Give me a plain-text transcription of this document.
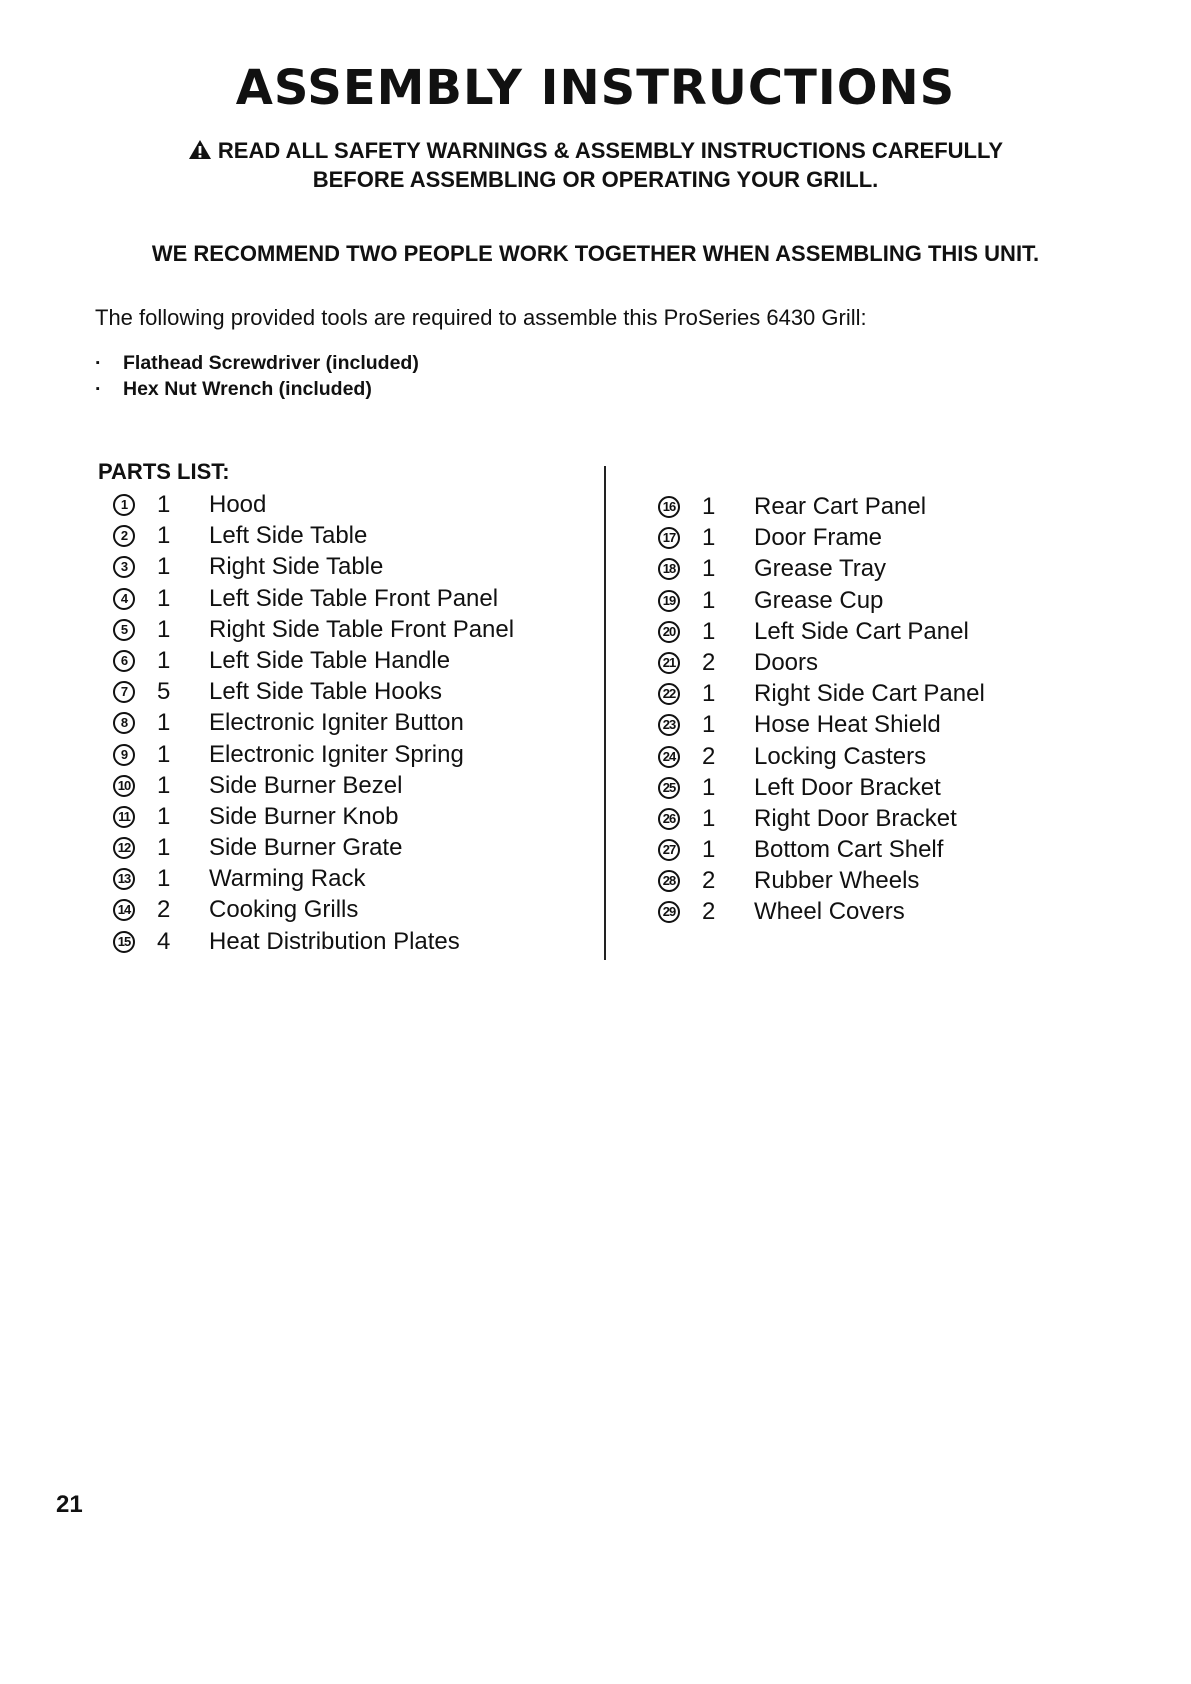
ASSEMBLY INSTRUCTIONS
READ ALL SAFETY WARNINGS & ASSEMBLY INSTRUCTIONS CAREFULLY
BEFORE ASSEMBLING OR OPERATING YOUR GRILL.
WE RECOMMEND TWO PEOPLE WORK TOGETHER WHEN ASSEMBLING THIS UNIT.
The following provided tools are required to assemble this ProSeries 6430 Grill:
· Flathead Screwdriver (included)
· Hex Nut Wrench (included)
PARTS LIST:
1	1 Hood
2	1 Left Side Table
3	1 Right Side Table
4	1 Left Side Table Front Panel
5	1 Right Side Table Front Panel
6	1 Left Side Table Handle
7	5 Left Side Table Hooks
8	1 Electronic Igniter Button
9	1 Electronic Igniter Spring
10 1 Side Burner Bezel
11 1 Side Burner Knob
12 1 Side Burner Grate
13 1 Warming Rack
14 2 Cooking Grills
15 4 Heat Distribution Plates
16 1 Rear Cart Panel
17 1 Door Frame
18 1 Grease Tray
19 1 Grease Cup
20 1 Left Side Cart Panel
21 2 Doors
22 1 Right Side Cart Panel
23 1 Hose Heat Shield
24 2 Locking Casters
25 1 Left Door Bracket
26 1 Right Door Bracket
27 1 Bottom Cart Shelf
28 2 Rubber Wheels
29 2 Wheel Covers
21
